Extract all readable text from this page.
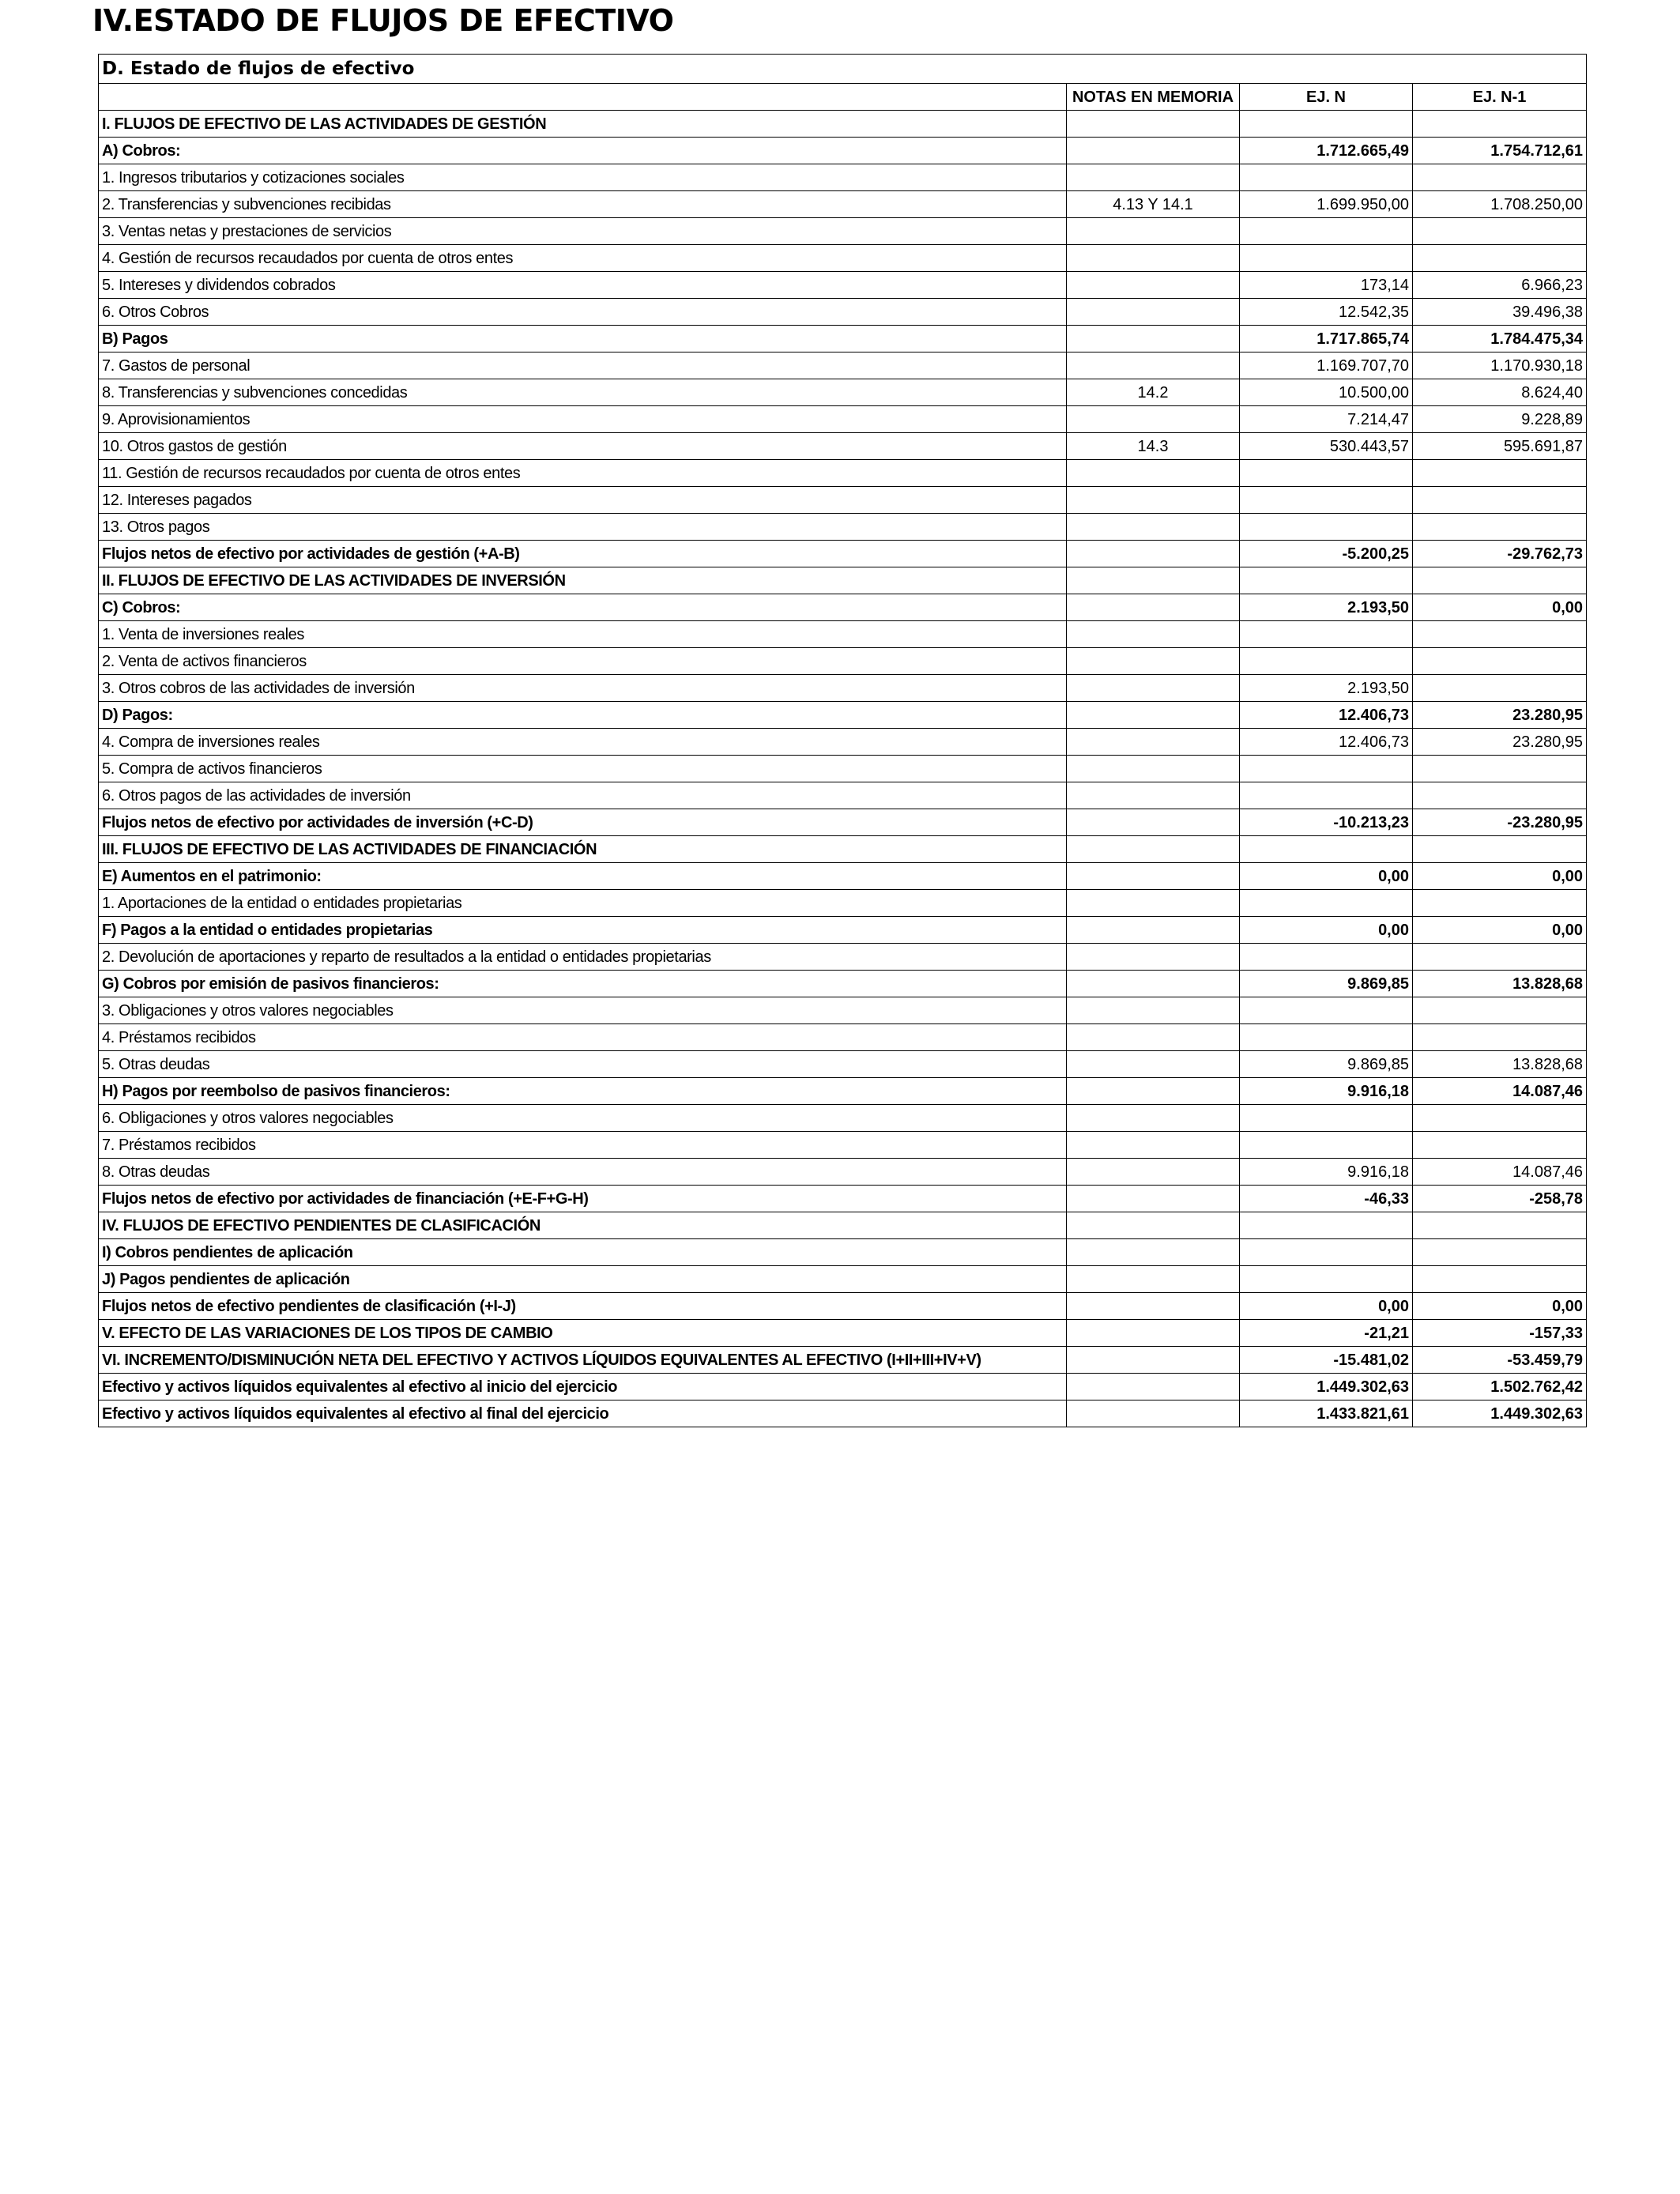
IV.ESTADO DE FLUJOS DE EFECTIVO
D. Estado de flujos de efectivo			
	NOTAS EN MEMORIA	EJ. N	EJ. N-1
I. FLUJOS DE EFECTIVO DE LAS ACTIVIDADES DE GESTIÓN			
A) Cobros:		1.712.665,49	1.754.712,61
1. Ingresos tributarios y cotizaciones sociales			
2. Transferencias y subvenciones recibidas	4.13 Y 14.1	1.699.950,00	1.708.250,00
3. Ventas netas y prestaciones de servicios			
4. Gestión de recursos recaudados por cuenta de otros entes			
5. Intereses y dividendos cobrados		173,14	6.966,23
6. Otros Cobros		12.542,35	39.496,38
B) Pagos		1.717.865,74	1.784.475,34
7. Gastos de personal		1.169.707,70	1.170.930,18
8. Transferencias y subvenciones concedidas	14.2	10.500,00	8.624,40
9. Aprovisionamientos		7.214,47	9.228,89
10. Otros gastos de gestión	14.3	530.443,57	595.691,87
11. Gestión de recursos recaudados por cuenta de otros entes			
12. Intereses pagados			
13. Otros pagos			
Flujos netos de efectivo por actividades de gestión (+A-B)		-5.200,25	-29.762,73
II. FLUJOS DE EFECTIVO DE LAS ACTIVIDADES DE INVERSIÓN			
C) Cobros:		2.193,50	0,00
1. Venta de inversiones reales			
2. Venta de activos financieros			
3. Otros cobros de las actividades de inversión		2.193,50	
D) Pagos:		12.406,73	23.280,95
4. Compra de inversiones reales		12.406,73	23.280,95
5. Compra de activos financieros			
6. Otros pagos de las actividades de inversión			
Flujos netos de efectivo por actividades de inversión (+C-D)		-10.213,23	-23.280,95
III. FLUJOS DE EFECTIVO DE LAS ACTIVIDADES DE FINANCIACIÓN			
E) Aumentos en el patrimonio:		0,00	0,00
1. Aportaciones de la entidad o entidades propietarias			
F) Pagos a la entidad o entidades propietarias		0,00	0,00
2. Devolución de aportaciones y reparto de resultados a la entidad o entidades propietarias			
G) Cobros por emisión de pasivos financieros:		9.869,85	13.828,68
3. Obligaciones y otros valores negociables			
4. Préstamos recibidos			
5. Otras deudas		9.869,85	13.828,68
H) Pagos por reembolso de pasivos financieros:		9.916,18	14.087,46
6. Obligaciones y otros valores negociables			
7. Préstamos recibidos			
8. Otras deudas		9.916,18	14.087,46
Flujos netos de efectivo por actividades de financiación (+E-F+G-H)		-46,33	-258,78
IV. FLUJOS DE EFECTIVO PENDIENTES DE CLASIFICACIÓN			
I) Cobros pendientes de aplicación			
J) Pagos pendientes de aplicación			
Flujos netos de efectivo pendientes de clasificación (+I-J)		0,00	0,00
V. EFECTO DE LAS VARIACIONES DE LOS TIPOS DE CAMBIO		-21,21	-157,33
VI. INCREMENTO/DISMINUCIÓN NETA DEL EFECTIVO Y ACTIVOS LÍQUIDOS EQUIVALENTES AL EFECTIVO (I+II+III+IV+V)		-15.481,02	-53.459,79
Efectivo y activos líquidos equivalentes al efectivo al inicio del ejercicio		1.449.302,63	1.502.762,42
Efectivo y activos líquidos equivalentes al efectivo al final del ejercicio		1.433.821,61	1.449.302,63
